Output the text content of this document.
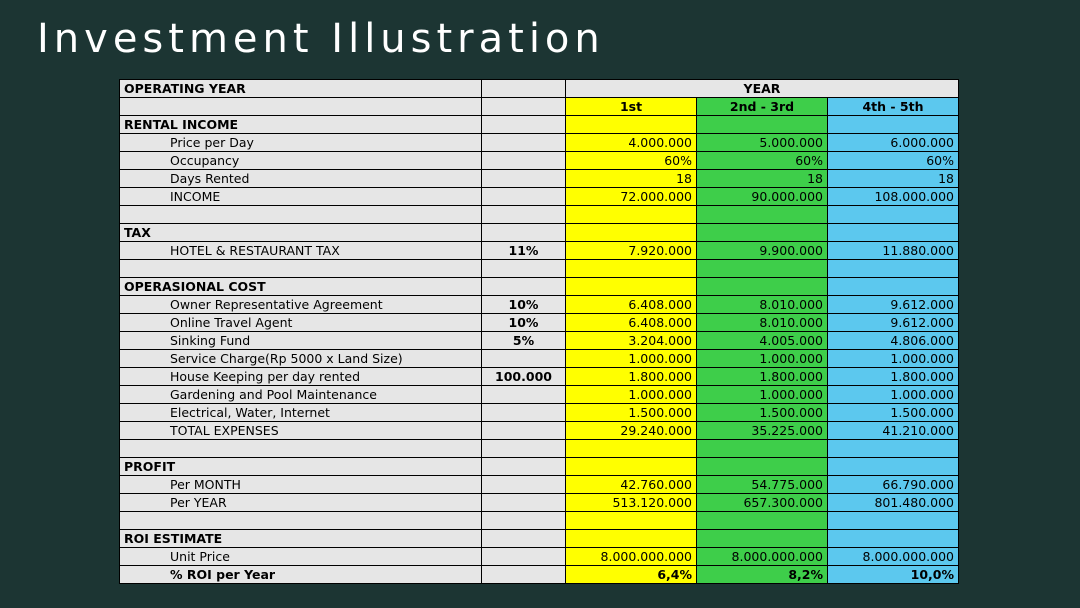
Investment Illustration
OPERATING YEAR		YEAR		
		1st	2nd - 3rd	4th - 5th
RENTAL INCOME				
Price per Day		4.000.000	5.000.000	6.000.000
Occupancy		60%	60%	60%
Days Rented		18	18	18
INCOME		72.000.000	90.000.000	108.000.000

TAX				
HOTEL & RESTAURANT TAX	11%	7.920.000	9.900.000	11.880.000

OPERASIONAL COST				
Owner Representative Agreement	10%	6.408.000	8.010.000	9.612.000
Online Travel Agent	10%	6.408.000	8.010.000	9.612.000
Sinking Fund	5%	3.204.000	4.005.000	4.806.000
Service Charge(Rp 5000 x Land Size)		1.000.000	1.000.000	1.000.000
House Keeping per day rented	100.000	1.800.000	1.800.000	1.800.000
Gardening and Pool Maintenance		1.000.000	1.000.000	1.000.000
Electrical, Water, Internet		1.500.000	1.500.000	1.500.000
TOTAL EXPENSES		29.240.000	35.225.000	41.210.000

PROFIT				
Per MONTH		42.760.000	54.775.000	66.790.000
Per YEAR		513.120.000	657.300.000	801.480.000

ROI ESTIMATE				
Unit Price		8.000.000.000	8.000.000.000	8.000.000.000
% ROI per Year		6,4%	8,2%	10,0%
